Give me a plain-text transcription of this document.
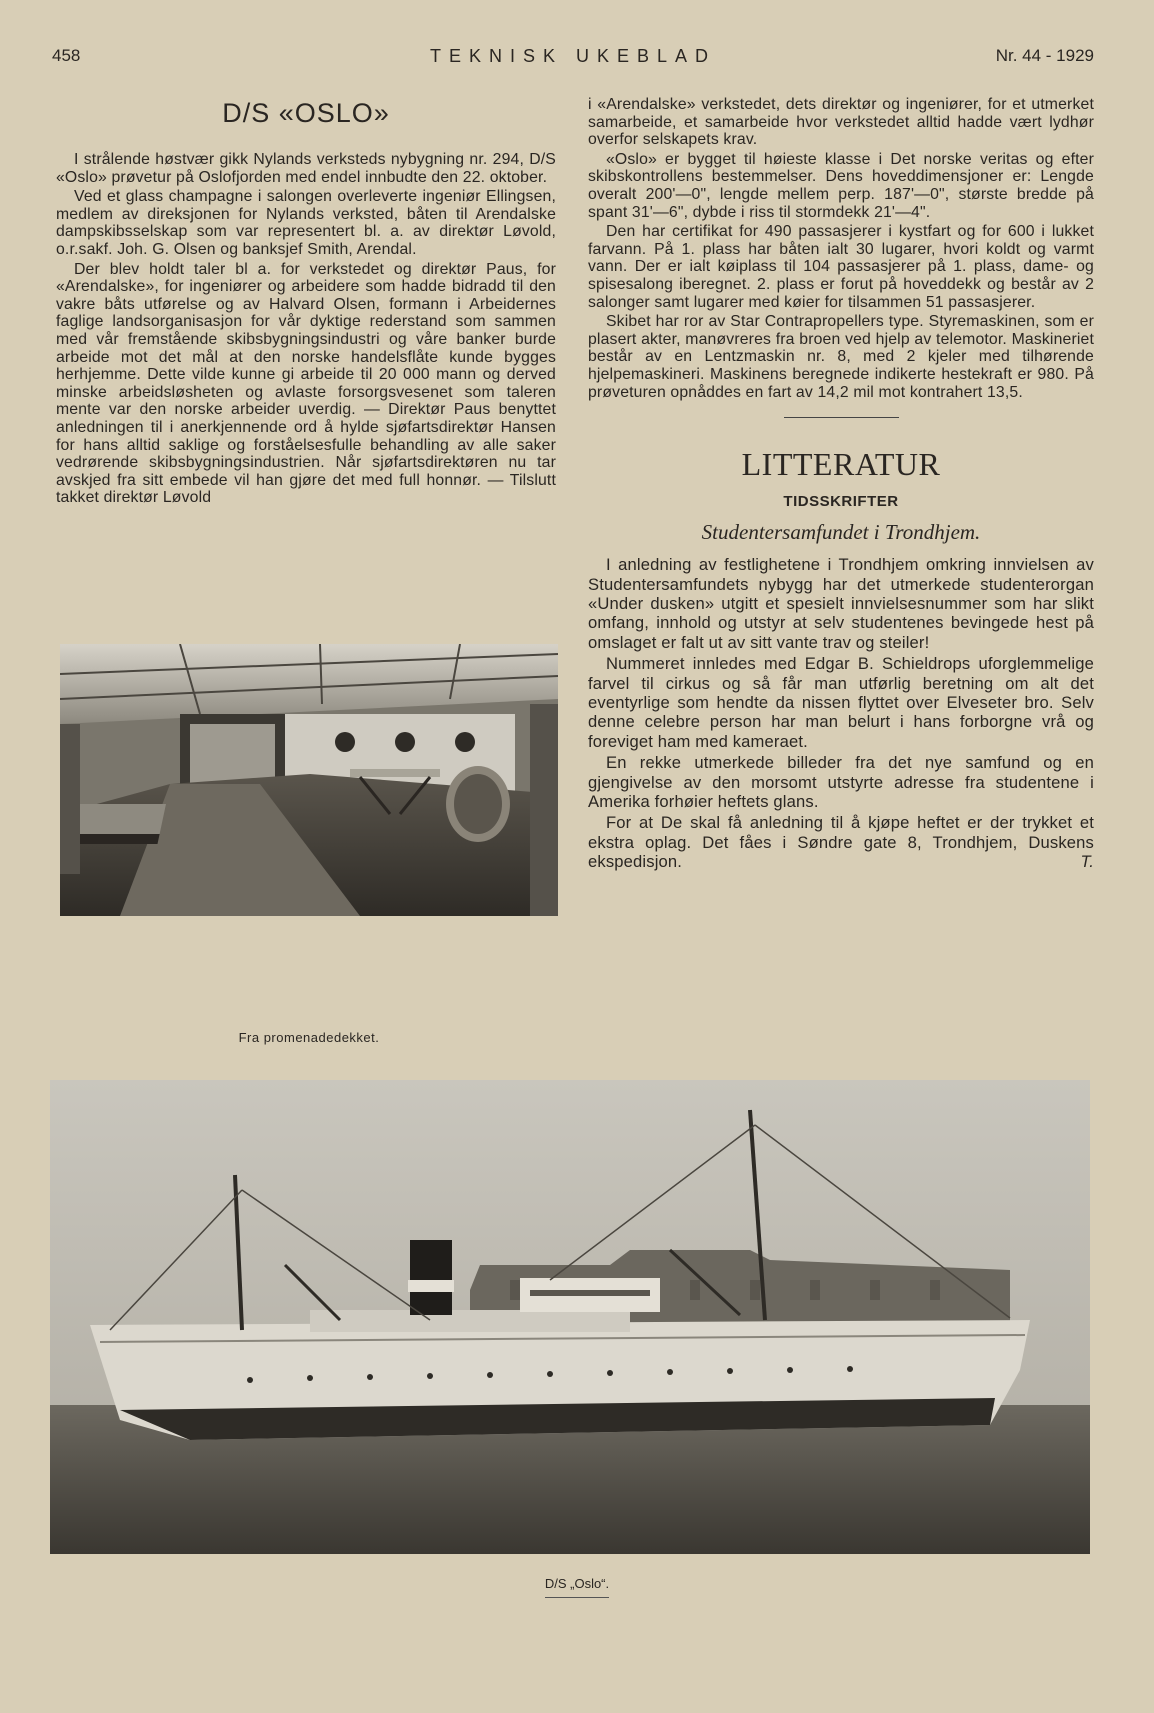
458	TEKNISK UKEBLAD	Nr. 44 - 1929
D/S «OSLO»

I strålende høstvær gikk Nylands verksteds nybygning nr. 294, D/S «Oslo» prøvetur på Oslofjorden med endel innbudte den 22. oktober.

Ved et glass champagne i salongen overleverte ingeniør Ellingsen, medlem av direksjonen for Nylands verksted, båten til Arendalske dampskibsselskap som var representert bl. a. av direktør Løvold, o.r.sakf. Joh. G. Olsen og banksjef Smith, Arendal.

Der blev holdt taler bl a. for verkstedet og direktør Paus, for «Arendalske», for ingeniører og arbeidere som hadde bidradd til den vakre båts utførelse og av Halvard Olsen, formann i Arbeidernes faglige landsorganisasjon for vår dyktige rederstand som sammen med vår fremstående skibsbygningsindustri og våre banker burde arbeide mot det mål at den norske handelsflåte kunde bygges herhjemme. Dette vilde kunne gi arbeide til 20 000 mann og derved minske arbeidsløsheten og avlaste forsorgsvesenet som taleren mente var den norske arbeider uverdig. — Direktør Paus benyttet anledningen til i anerkjennende ord å hylde sjøfartsdirektør Hansen for hans alltid saklige og forståelsesfulle behandling av alle saker vedrørende skibsbygningsindustrien. Når sjøfartsdirektøren nu tar avskjed fra sitt embede vil han gjøre det med full honnør. — Tilslutt takket direktør Løvold

Fra promenadedekket.

i «Arendalske» verkstedet, dets direktør og ingeniører, for et utmerket samarbeide, et samarbeide hvor verkstedet alltid hadde vært lydhør overfor selskapets krav.

«Oslo» er bygget til høieste klasse i Det norske veritas og efter skibskontrollens bestemmelser. Dens hoveddimensjoner er: Lengde overalt 200'—0", lengde mellem perp. 187'—0", største bredde på spant 31'—6", dybde i riss til stormdekk 21'—4".

Den har certifikat for 490 passasjerer i kystfart og for 600 i lukket farvann. På 1. plass har båten ialt 30 lugarer, hvori koldt og varmt vann. Der er ialt køiplass til 104 passasjerer på 1. plass, dame- og spisesalong iberegnet. 2. plass er forut på hoveddekk og består av 2 salonger samt lugarer med køier for tilsammen 51 passasjerer.

Skibet har ror av Star Contrapropellers type. Styremaskinen, som er plasert akter, manøvreres fra broen ved hjelp av telemotor. Maskineriet består av en Lentzmaskin nr. 8, med 2 kjeler med tilhørende hjelpemaskineri. Maskinens beregnede indikerte hestekraft er 980. På prøveturen opnåddes en fart av 14,2 mil mot kontrahert 13,5.

LITTERATUR
TIDSSKRIFTER
Studentersamfundet i Trondhjem.

I anledning av festlighetene i Trondhjem omkring innvielsen av Studentersamfundets nybygg har det utmerkede studenterorgan «Under dusken» utgitt et spesielt innvielsesnummer som har slikt omfang, innhold og utstyr at selv studentenes bevingede hest på omslaget er falt ut av sitt vante trav og steiler!

Nummeret innledes med Edgar B. Schieldrops uforglemmelige farvel til cirkus og så får man utførlig beretning om alt det eventyrlige som hendte da nissen flyttet over Elveseter bro. Selv denne celebre person har man belurt i hans forborgne vrå og foreviget ham med kameraet.

En rekke utmerkede billeder fra det nye samfund og en gjengivelse av den morsomt utstyrte adresse fra studentene i Amerika forhøier heftets glans.

For at De skal få anledning til å kjøpe heftet er der trykket et ekstra oplag. Det fåes i Søndre gate 8, Trondhjem, Duskens ekspedisjon.	T.

D/S „Oslo“.
